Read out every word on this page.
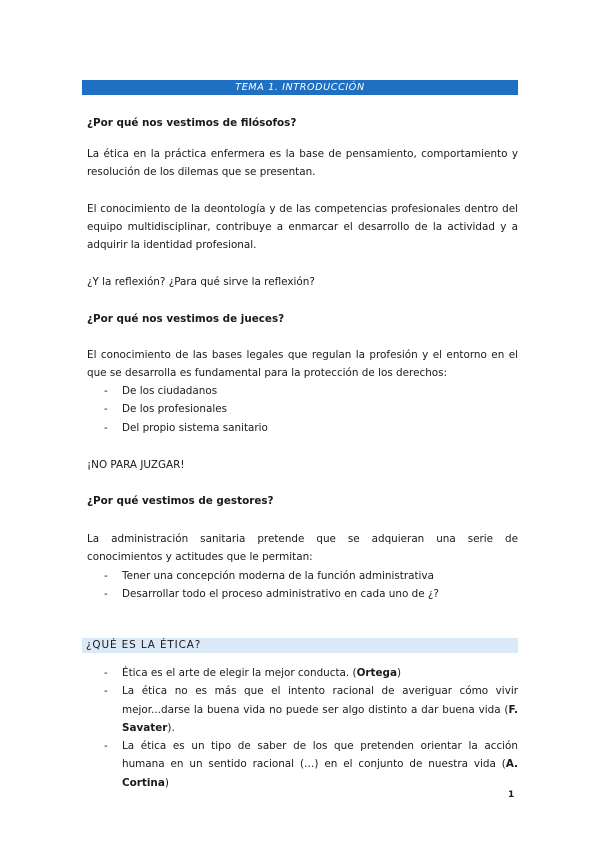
TEMA 1. INTRODUCCIÓN
¿Por qué nos vestimos de filósofos?
La ética en la práctica enfermera es la base de pensamiento, comportamiento y resolución de los dilemas que se presentan.
El conocimiento de la deontología y de las competencias profesionales dentro del equipo multidisciplinar, contribuye a enmarcar el desarrollo de la actividad y a adquirir la identidad profesional.
¿Y la reflexión? ¿Para qué sirve la reflexión?
¿Por qué nos vestimos de jueces?
El conocimiento de las bases legales que regulan la profesión y el entorno en el que se desarrolla es fundamental para la protección de los derechos:
- De los ciudadanos
- De los profesionales
- Del propio sistema sanitario
¡NO PARA JUZGAR!
¿Por qué vestimos de gestores?
La administración sanitaria pretende que se adquieran una serie de conocimientos y actitudes que le permitan:
- Tener una concepción moderna de la función administrativa
- Desarrollar todo el proceso administrativo en cada uno de ¿?
¿QUÉ ES LA ÉTICA?
- Ética es el arte de elegir la mejor conducta. (Ortega)
- La ética no es más que el intento racional de averiguar cómo vivir mejor...darse la buena vida no puede ser algo distinto a dar buena vida (F. Savater).
- La ética es un tipo de saber de los que pretenden orientar la acción humana en un sentido racional (…) en el conjunto de nuestra vida (A. Cortina)
1
